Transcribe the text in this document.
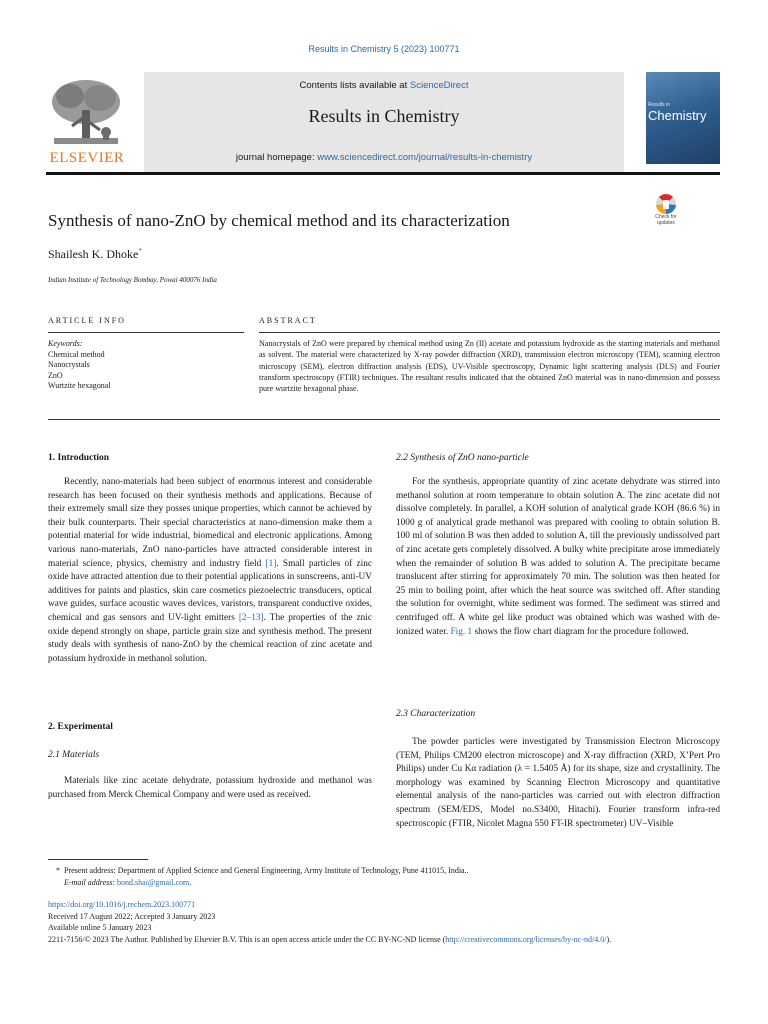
Results in Chemistry 5 (2023) 100771
Contents lists available at ScienceDirect
Results in Chemistry
journal homepage: www.sciencedirect.com/journal/results-in-chemistry
ELSEVIER
Results in
Chemistry
Synthesis of nano-ZnO by chemical method and its characterization	Check for updates
Shailesh K. Dhoke*
Indian Institute of Technology Bombay, Powai 400076 India
ARTICLE INFO	ABSTRACT
Keywords:
Chemical method
Nanocrystals
ZnO
Wurtzite hexagonal
Nanocrystals of ZnO were prepared by chemical method using Zn (II) acetate and potassium hydroxide as the starting materials and methanol as solvent. The material were characterized by X-ray powder diffraction (XRD), transmission electron microscopy (TEM), scanning electron microscopy (SEM), electron diffraction analysis (EDS), UV-Visible spectroscopy, Dynamic light scattering analysis (DLS) and Fourier transform spectroscopy (FTIR) techniques. The resultant results indicated that the obtained ZnO material was in nano-dimension and possess pure wurtzite hexagonal phase.
1. Introduction

Recently, nano-materials had been subject of enormous interest and considerable research has been focused on their synthesis methods and applications. Because of their extremely small size they posses unique properties, which cannot be achieved by their bulk counterparts. Their special characteristics at nano-dimension make them a potential material for wide industrial, biomedical and electronic applications. Among various nano-materials, ZnO nano-particles have attracted considerable interest in material science, physics, chemistry and industry field [1]. Small particles of zinc oxide have attracted attention due to their potential applications in sunscreens, anti-UV additives for paints and plastics, skin care cosmetics piezoelectric transducers, optical wave guides, surface acoustic waves devices, varistors, transparent conductive oxides, chemical and gas sensors and UV-light emitters [2–13]. The properties of the znic oxide depend strongly on shape, particle grain size and synthesis method. The present study deals with synthesis of nano-ZnO by the chemical reaction of zinc acetate and potassium hydroxide in methanol solution.

2. Experimental
2.1 Materials

Materials like zinc acetate dehydrate, potassium hydroxide and methanol was purchased from Merck Chemical Company and were used as received.

2.2 Synthesis of ZnO nano-particle

For the synthesis, appropriate quantity of zinc acetate dehydrate was stirred into methanol solution at room temperature to obtain solution A. The zinc acetate did not dissolve completely. In parallel, a KOH solution of analytical grade KOH (86.6 %) in 1000 g of analytical grade methanol was prepared with cooling to obtain solution B. 100 ml of solution B was then added to solution A, till the previously undissolved part of zinc acetate gets completely dissolved. A bulky white precipitate arose immediately when the remainder of solution B was added to solution A. The precipitate became translucent after stirring for approximately 70 min. The solution was then heated for 25 min to boiling point, after which the heat source was switched off. After standing the solution for overnight, white sediment was formed. The sediment was stirred and centrifuged off. A white gel like product was obtained which was washed with de-ionized water. Fig. 1 shows the flow chart diagram for the procedure followed.

2.3 Characterization

The powder particles were investigated by Transmission Electron Microscopy (TEM, Philips CM200 electron microscope) and X-ray diffraction (XRD, X’Pert Pro Philips) under Cu Kα radiation (λ = 1.5405 Å) for its shape, size and crystallinity. The morphology was examined by Scanning Electron Microscopy and quantitative elemental analysis of the nano-particles was carried out with electron diffraction spectrum (SEM/EDS, Model no.S3400, Hitachi). Fourier transform infra-red spectroscopic (FTIR, Nicolet Magna 550 FT-IR spectrometer) UV–Visible

* Present address: Department of Applied Science and General Engineering, Army Institute of Technology, Pune 411015, India..
E-mail address: bond.shai@gmail.com.
https://doi.org/10.1016/j.rechem.2023.100771
Received 17 August 2022; Accepted 3 January 2023
Available online 5 January 2023
2211-7156/© 2023 The Author. Published by Elsevier B.V. This is an open access article under the CC BY-NC-ND license (http://creativecommons.org/licenses/by-nc-nd/4.0/).
